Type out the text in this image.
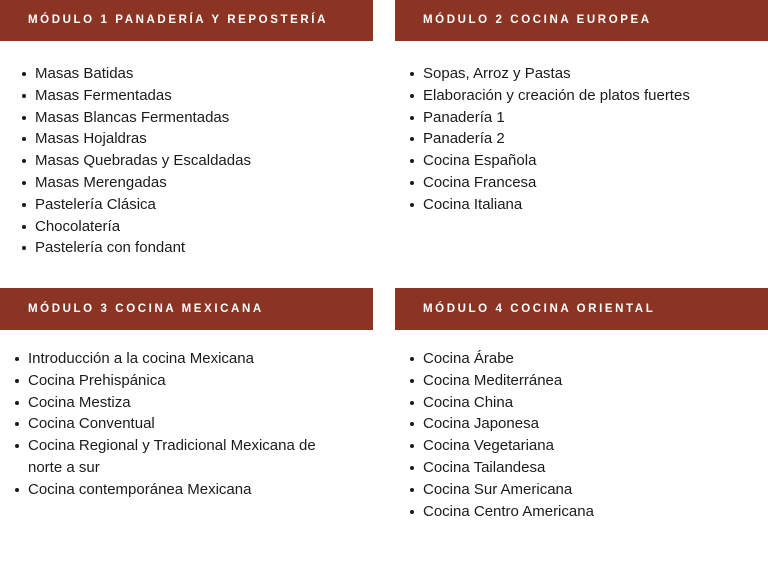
MÓDULO 1 PANADERÍA Y REPOSTERÍA
Masas Batidas
Masas Fermentadas
Masas Blancas Fermentadas
Masas Hojaldras
Masas Quebradas y Escaldadas
Masas Merengadas
Pastelería Clásica
Chocolatería
Pastelería con fondant
MÓDULO 2 COCINA EUROPEA
Sopas, Arroz y Pastas
Elaboración y creación de platos fuertes
Panadería 1
Panadería 2
Cocina Española
Cocina Francesa
Cocina Italiana
MÓDULO 3 COCINA MEXICANA
Introducción a la cocina Mexicana
Cocina Prehispánica
Cocina Mestiza
Cocina Conventual
Cocina Regional y Tradicional Mexicana de norte a sur
Cocina contemporánea Mexicana
MÓDULO 4 COCINA ORIENTAL
Cocina Árabe
Cocina Mediterránea
Cocina China
Cocina Japonesa
Cocina Vegetariana
Cocina Tailandesa
Cocina Sur Americana
Cocina Centro Americana
